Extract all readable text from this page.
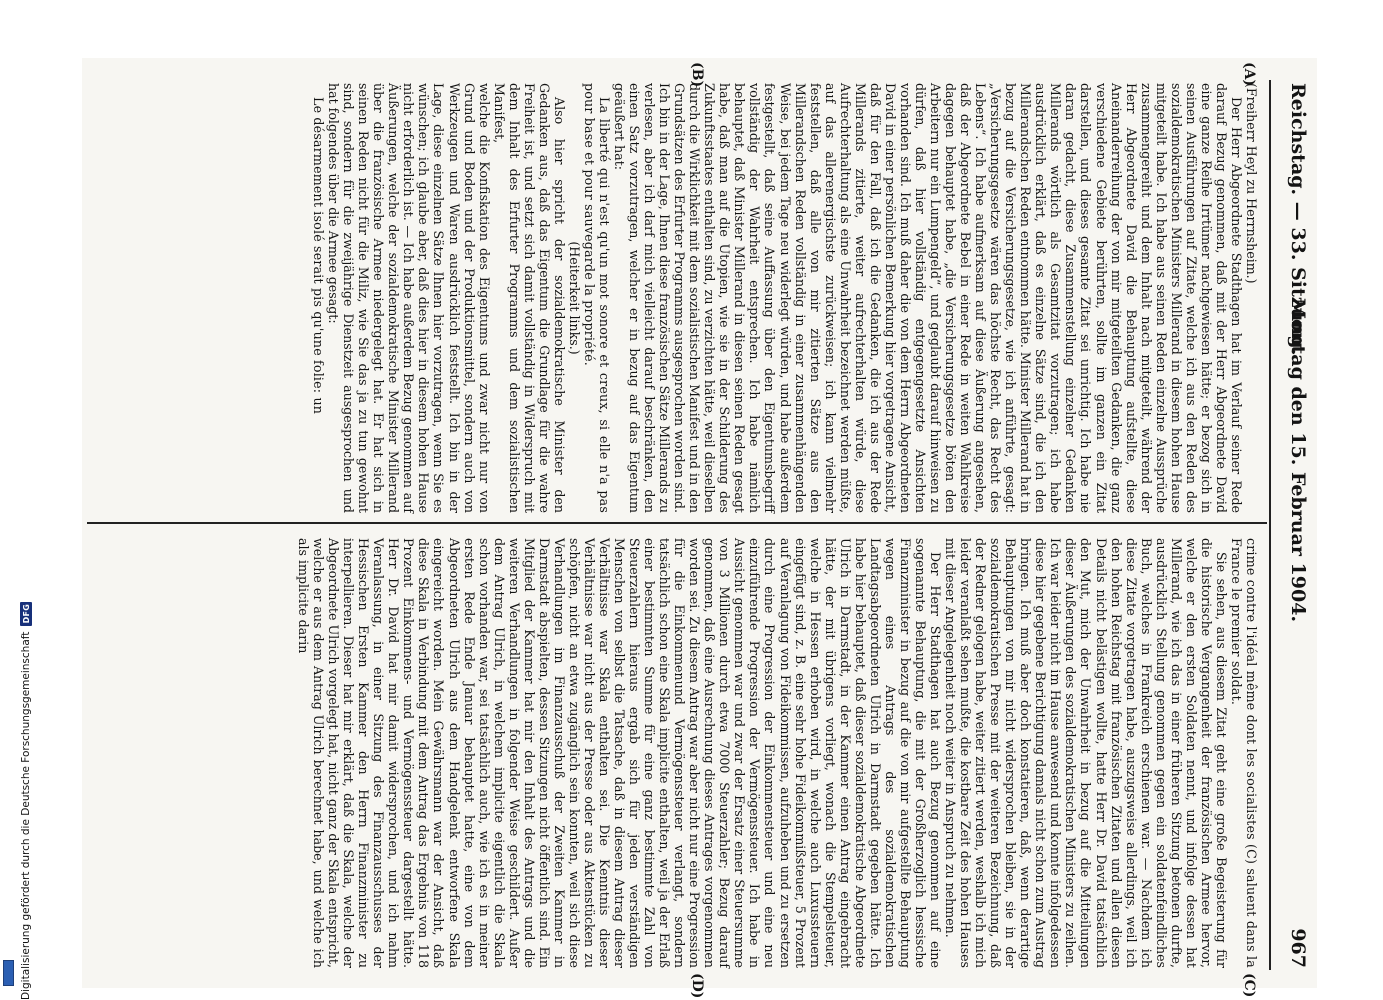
Reichstag. — 33. Sitzung.
Montag den 15. Februar 1904.
967
(A)
(B)
(C)
(D)

(Freiherr Heyl zu Herrnsheim.)

Der Herr Abgeordnete Stadthagen hat im Verlauf seiner Rede darauf Bezug genommen, daß mit der Herr Abgeordnete David eine ganze Reihe Irrtümer nachgewiesen hätte; er bezog sich in seinen Ausführungen auf Zitate, welche ich aus den Reden des sozialdemokratischen Ministers Millerand in diesem hohen Hause mitgeteilt habe. Ich habe aus seinen Reden einzelne Aussprüche zusammengereiht und dem Inhalt nach mitgeteilt, während der Herr Abgeordnete David die Behauptung aufstellte, diese Aneinanderreihung der von mir mitgeteilten Gedanken, die ganz verschiedene Gebiete berührten, sollte im ganzen ein Zitat darstellen, und dieses gesamte Zitat sei unrichtig. Ich habe nie daran gedacht, diese Zusammenstellung einzelner Gedanken Millerands wörtlich als Gesamtzitat vorzutragen; ich habe ausdrücklich erklärt, daß es einzelne Sätze sind, die ich den Millerandschen Reden entnommen hätte. Minister Millerand hat in bezug auf die Versicherungsgesetze, wie ich anführte, gesagt: „Versicherungsgesetze wären das höchste Recht, das Recht des Lebens“. Ich habe aufmerksam auf diese Äußerung angesehen, daß der Abgeordnete Bebel in einer Rede in weiten Wahlkreise dagegen behauptet habe, „die Versicherungsgesetze böten den Arbeitern nur ein Lumpengeld“, und geglaubt darauf hinweisen zu dürfen, daß hier vollständig entgegengesetzte Ansichten vorhanden sind. Ich muß daher die von dem Herrn Abgeordneten David in einer persönlichen Bemerkung hier vorgetragene Ansicht, daß für den Fall, daß ich die Gedanken, die ich aus der Rede Millerands zitierte, weiter aufrechterhalten würde, diese Aufrechterhaltung als eine Unwahrheit bezeichnet werden müßte, auf das allerenergischste zurückweisen; ich kann vielmehr feststellen, daß alle von mir zitierten Sätze aus den Millerandschen Reden vollständig in einer zusammenhängenden Weise, bei jedem Tage neu widerlegt würden, und habe außerdem festgestellt, daß seine Auffassung über den Eigentumsbegriff vollständig der Wahrheit entsprechen. Ich habe nämlich behauptet, daß Minister Millerand in diesen seinen Reden gesagt habe, daß man auf die Utopien, wie sie in der Schilderung des Zukunftsstaates enthalten sind, zu verzichten hätte, weil dieselben durch die Wirklichkeit mit dem sozialistischen Manifest und in den Grundsätzen des Erfurter Programms ausgesprochen worden sind. Ich bin in der Lage, Ihnen diese französischen Sätze Millerands zu verlesen, aber ich darf mich vielleicht darauf beschränken, den einen Satz vorzutragen, welcher er in bezug auf das Eigentum geäußert hat:

La liberté qui n'est qu'un mot sonore et creux, si elle n'a pas pour base et pour sauvegarde la propriété.

(Heiterkeit links.)

Also hier spricht der sozialdemokratische Minister den Gedanken aus, daß das Eigentum die Grundlage für die wahre Freiheit ist, und setzt sich damit vollständig in Widerspruch mit dem Inhalt des Erfurter Programms und dem sozialistischen Manifest,

welche die Konfiskation des Eigentums und zwar nicht nur von Grund und Boden und der Produktionsmittel, sondern auch von Werkzeugen und Waren ausdrücklich feststellt. Ich bin in der Lage, diese einzelnen Sätze Ihnen hier vorzutragen, wenn Sie es wünschen; ich glaube aber, daß dies hier in diesem hohen Hause nicht erforderlich ist. — Ich habe außerdem Bezug genommen auf Äußerungen, welche der sozialdemokratische Minister Millerand über die französische Armee niedergelegt hat. Er hat sich in seinen Reden nicht für die Miliz, wie Sie das ja zu tun gewohnt sind, sondern für die zweijährige Dienstzeit ausgesprochen und hat folgendes über die Armee gesagt:

Le désarmement isolé serait pis qu'une folie: un

crime contre l'idéal même dont les socialistes (C) saluent dans la France le premier soldat.

Sie sehen, aus diesem Zitat geht eine große Begeisterung für die historische Vergangenheit der französischen Armee hervor, welche er den ersten Soldaten nennt, und infolge dessen hat Millerand, wie ich das in einer früheren Sitzung betonen durfte, ausdrücklich Stellung genommen gegen ein soldatenfeindliches Buch, welches in Frankreich erschienen war. — Nachdem ich diese Zitate vorgetragen habe, auszugsweise allerdings, weil ich den hohen Reichstag mit französischen Zitaten und allen diesen Details nicht belästigen wollte, hatte Herr Dr. David tatsächlich den Mut, mich der Unwahrheit in bezug auf die Mitteilungen dieser Äußerungen des sozialdemokratischen Ministers zu zeihen. Ich war leider nicht im Hause anwesend und konnte infolgedessen diese hier gegebene Berichtigung damals nicht schon zum Austrag bringen. Ich muß aber doch konstatieren, daß, wenn derartige Behauptungen von mir nicht widersprochen bleiben, sie in der sozialdemokratischen Presse mit der weiteren Bezeichnung, daß der Redner gelogen habe, weiter zitiert werden, weshalb ich mich leider veranlaßt sehen mußte, die kostbare Zeit des hohen Hauses mit dieser Angelegenheit noch weiter in Anspruch zu nehmen.

Der Herr Stadthagen hat auch Bezug genommen auf eine sogenannte Behauptung, die mit der Großherzoglich hessische Finanzminister in bezug auf die von mir aufgestellte Behauptung wegen eines Antrags des sozialdemokratischen Landtagsabgeordneten Ulrich in Darmstadt gegeben hätte. Ich habe hier behauptet, daß dieser sozialdemokratische Abgeordnete Ulrich in Darmstadt, in der Kammer einen Antrag eingebracht hätte, der mit übrigens vorliegt, wonach die Stempelsteuer, welche in Hessen erhoben wird, in welche auch Luxussteuern eingefügt sind, z. B. eine sehr hohe Fideikommißsteuer, 5 Prozent auf Veranlagung von Fideikommissen, aufzuheben und zu ersetzen durch eine Progression der Einkommensteuer und eine neu einzuführende Progression der Vermögenssteuer. Ich habe in Aussicht genommen war und zwar der Ersatz einer Steuersumme von 3 Millionen durch etwa 7000 Steuerzahler; Bezug darauf genommen, daß eine Ausrechnung dieses Antrages vorgenommen worden sei. Zu diesem Antrag war aber nicht nur eine Progression für die Einkommenund Vermögenssteuer verlangt, sondern tatsächlich schon eine Skala implicite enthalten, weil ja der Erlaß einer bestimmten Summe für eine ganz bestimmte Zahl von Steuerzahlern hieraus ergab sich für jeden verständigen Menschen von selbst die Tatsache, daß in diesem Antrag dieser Verhältnisse war Skala enthalten sei. Die Kenntnis dieser Verhältnisse war nicht aus der Presse oder aus Aktenstücken zu schöpfen, nicht an etwa zugänglich sein konnten, weil sich diese Verhandlungen im Finanzausschuß der Zweiten Kammer in Darmstadt abspielten, dessen Sitzungen nicht öffentlich sind. Ein Mitglied der Kammer hat mir den Inhalt des Antrags und die weiteren Verhandlungen in folgender Weise geschildert. Außer dem Antrag Ulrich, in welchem implicite eigentlich die Skala schon vorhanden war, sei tatsächlich auch, wie ich es in meiner ersten Rede Ende Januar behauptet hatte, eine von dem Abgeordneten Ulrich aus dem Handgelenk entworfene Skala eingereicht worden. Mein Gewährsmann war der Ansicht, daß diese Skala in Verbindung mit dem Antrag das Ergebnis von 118 Prozent Einkommens- und Vermögenssteuer dargestellt hätte. Herr Dr. David hat mir damit widersprochen, und ich nahm Veranlassung, in einer Sitzung des Finanzausschusses der Hessischen Ersten Kammer den Herrn Finanzminister zu interpellieren. Dieser hat mir erklärt, daß die Skala, welche der Abgeordnete Ulrich vorgelegt hat, nicht ganz der Skala entspricht, welche er aus dem Antrag Ulrich berechnet habe, und welche ich als implicite darin

Digitalisierung gefördert durch die Deutsche Forschungsgemeinschaft
DFG
